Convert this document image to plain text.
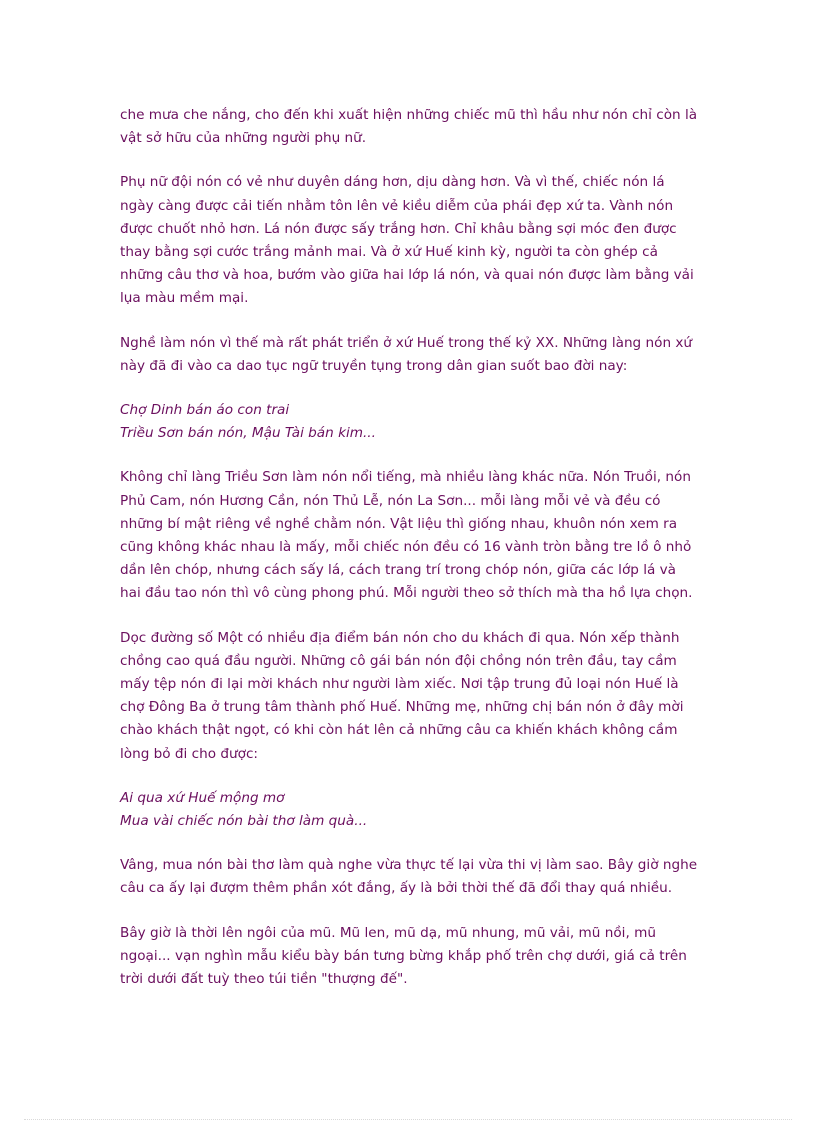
che mưa che nắng, cho đến khi xuất hiện những chiếc mũ thì hầu như nón chỉ còn là vật sở hữu của những người phụ nữ.

Phụ nữ đội nón có vẻ như duyên dáng hơn, dịu dàng hơn. Và vì thế, chiếc nón lá ngày càng được cải tiến nhằm tôn lên vẻ kiều diễm của phái đẹp xứ ta. Vành nón được chuốt nhỏ hơn. Lá nón được sấy trắng hơn. Chỉ khâu bằng sợi móc đen được thay bằng sợi cước trắng mảnh mai. Và ở xứ Huế kinh kỳ, người ta còn ghép cả những câu thơ và hoa, bướm vào giữa hai lớp lá nón, và quai nón được làm bằng vải lụa màu mềm mại.

Nghề làm nón vì thế mà rất phát triển ở xứ Huế trong thế kỷ XX. Những làng nón xứ này đã đi vào ca dao tục ngữ truyền tụng trong dân gian suốt bao đời nay:

Chợ Dinh bán áo con trai
Triều Sơn bán nón, Mậu Tài bán kim...

Không chỉ làng Triều Sơn làm nón nổi tiếng, mà nhiều làng khác nữa. Nón Truồi, nón Phủ Cam, nón Hương Cần, nón Thủ Lễ, nón La Sơn... mỗi làng mỗi vẻ và đều có những bí mật riêng về nghề chằm nón. Vật liệu thì giống nhau, khuôn nón xem ra cũng không khác nhau là mấy, mỗi chiếc nón đều có 16 vành tròn bằng tre lồ ô nhỏ dần lên chóp, nhưng cách sấy lá, cách trang trí trong chóp nón, giữa các lớp lá và hai đầu tao nón thì vô cùng phong phú. Mỗi người theo sở thích mà tha hồ lựa chọn.

Dọc đường số Một có nhiều địa điểm bán nón cho du khách đi qua. Nón xếp thành chồng cao quá đầu người. Những cô gái bán nón đội chồng nón trên đầu, tay cầm mấy tệp nón đi lại mời khách như người làm xiếc. Nơi tập trung đủ loại nón Huế là chợ Đông Ba ở trung tâm thành phố Huế. Những mẹ, những chị bán nón ở đây mời chào khách thật ngọt, có khi còn hát lên cả những câu ca khiến khách không cầm lòng bỏ đi cho được:

Ai qua xứ Huế mộng mơ
Mua vài chiếc nón bài thơ làm quà...

Vâng, mua nón bài thơ làm quà nghe vừa thực tế lại vừa thi vị làm sao. Bây giờ nghe câu ca ấy lại đượm thêm phần xót đắng, ấy là bởi thời thế đã đổi thay quá nhiều.

Bây giờ là thời lên ngôi của mũ. Mũ len, mũ dạ, mũ nhung, mũ vải, mũ nồi, mũ ngoại... vạn nghìn mẫu kiểu bày bán tưng bừng khắp phố trên chợ dưới, giá cả trên trời dưới đất tuỳ theo túi tiền "thượng đế".
